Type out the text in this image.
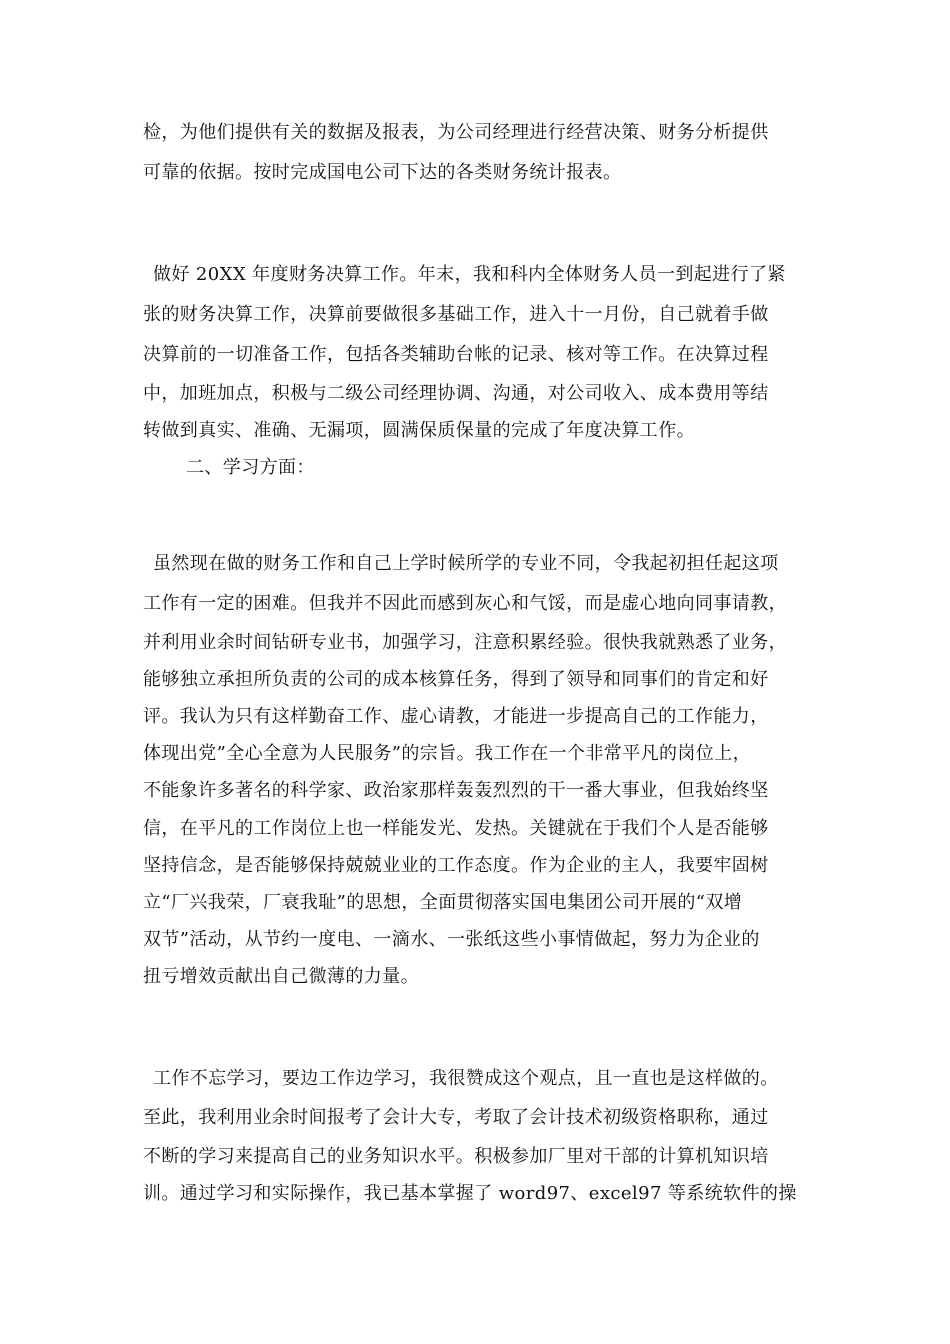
检，为他们提供有关的数据及报表，为公司经理进行经营决策、财务分析提供

可靠的依据。按时完成国电公司下达的各类财务统计报表。

做好 20XX 年度财务决算工作。年末，我和科内全体财务人员一到起进行了紧

张的财务决算工作，决算前要做很多基础工作，进入十一月份，自己就着手做

决算前的一切准备工作，包括各类辅助台帐的记录、核对等工作。在决算过程

中，加班加点，积极与二级公司经理协调、沟通，对公司收入、成本费用等结

转做到真实、准确、无漏项，圆满保质保量的完成了年度决算工作。

二、学习方面：

虽然现在做的财务工作和自己上学时候所学的专业不同，令我起初担任起这项

工作有一定的困难。但我并不因此而感到灰心和气馁，而是虚心地向同事请教，

并利用业余时间钻研专业书，加强学习，注意积累经验。很快我就熟悉了业务，

能够独立承担所负责的公司的成本核算任务，得到了领导和同事们的肯定和好

评。我认为只有这样勤奋工作、虚心请教，才能进一步提高自己的工作能力，

体现出党”全心全意为人民服务”的宗旨。我工作在一个非常平凡的岗位上，

不能象许多著名的科学家、政治家那样轰轰烈烈的干一番大事业，但我始终坚

信，在平凡的工作岗位上也一样能发光、发热。关键就在于我们个人是否能够

坚持信念，是否能够保持兢兢业业的工作态度。作为企业的主人，我要牢固树

立“厂兴我荣，厂衰我耻”的思想，全面贯彻落实国电集团公司开展的“双增

双节”活动，从节约一度电、一滴水、一张纸这些小事情做起，努力为企业的

扭亏增效贡献出自己微薄的力量。

工作不忘学习，要边工作边学习，我很赞成这个观点，且一直也是这样做的。

至此，我利用业余时间报考了会计大专，考取了会计技术初级资格职称，通过

不断的学习来提高自己的业务知识水平。积极参加厂里对干部的计算机知识培

训。通过学习和实际操作，我已基本掌握了 word97、excel97 等系统软件的操
